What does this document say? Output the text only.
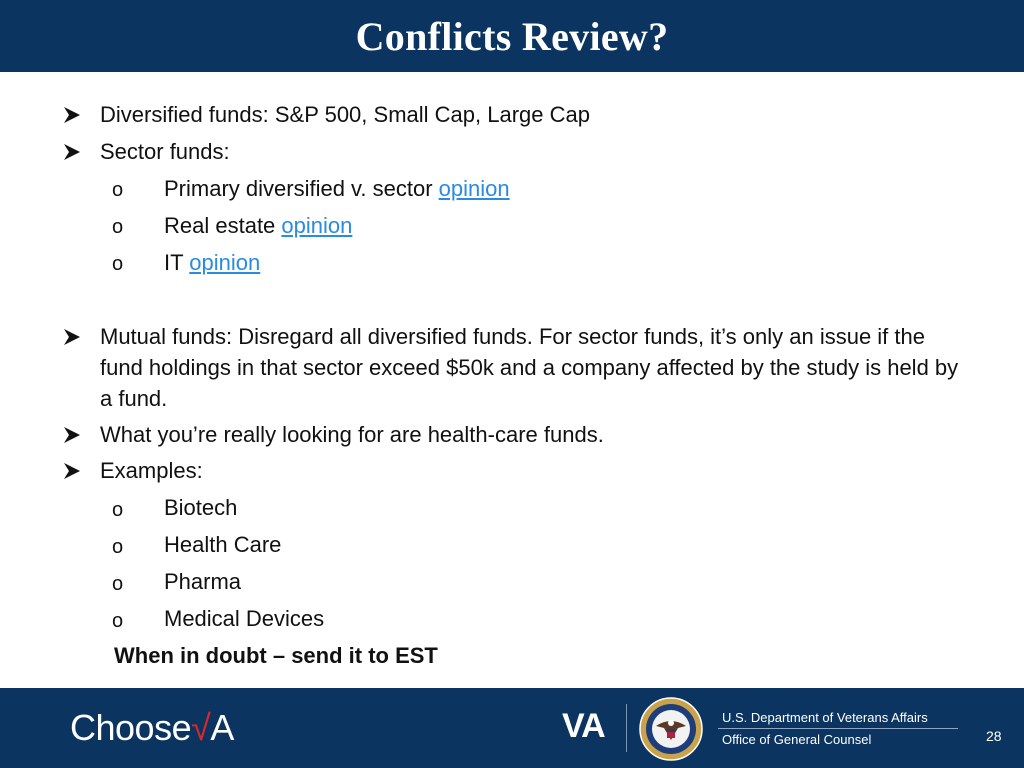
Conflicts Review?
Diversified funds: S&P 500, Small Cap, Large Cap
Sector funds:
o Primary diversified v. sector opinion
o Real estate opinion
o IT opinion
Mutual funds: Disregard all diversified funds. For sector funds, it’s only an issue if the fund holdings in that sector exceed $50k and a company affected by the study is held by a fund.
What you’re really looking for are health-care funds.
Examples:
o Biotech
o Health Care
o Pharma
o Medical Devices
When in doubt – send it to EST
Choose√A	VA	U.S. Department of Veterans Affairs
Office of General Counsel	28
